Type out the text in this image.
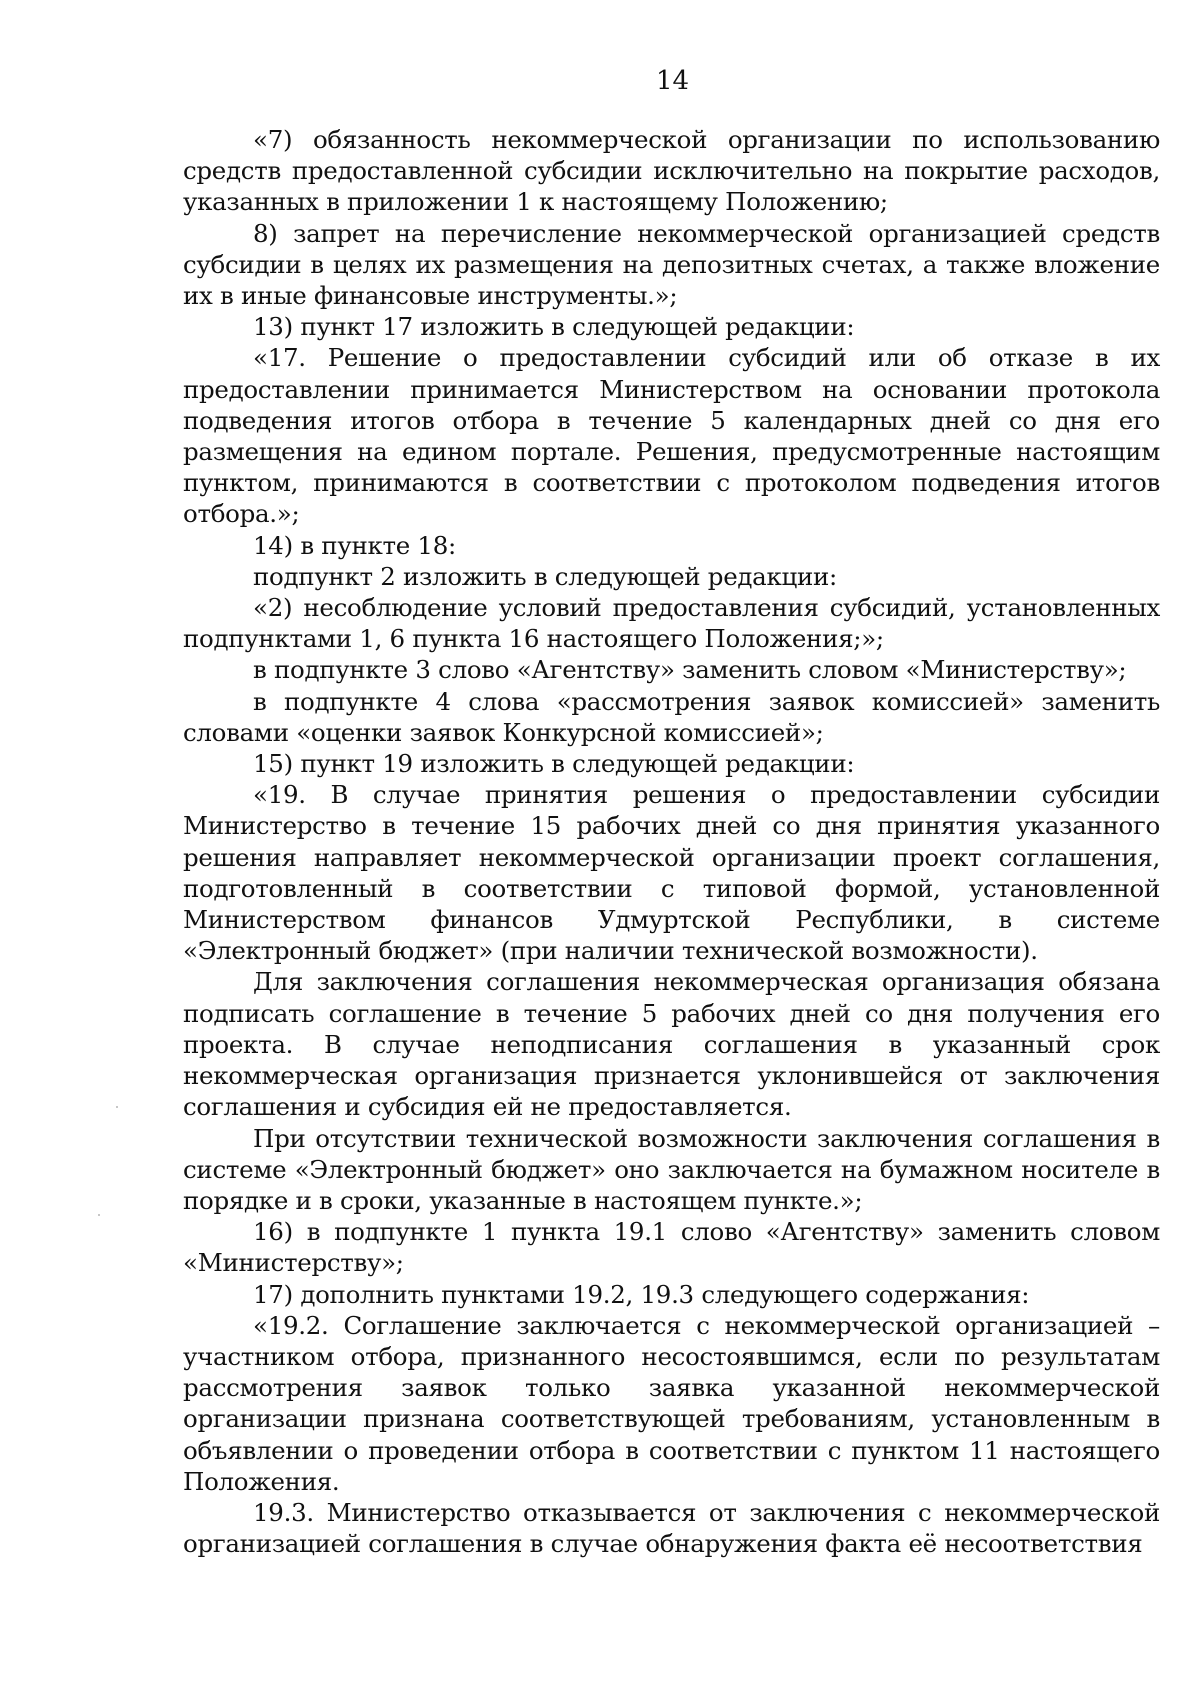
14

«7) обязанность некоммерческой организации по использованию средств предоставленной субсидии исключительно на покрытие расходов, указанных в приложении 1 к настоящему Положению;

8) запрет на перечисление некоммерческой организацией средств субсидии в целях их размещения на депозитных счетах, а также вложение их в иные финансовые инструменты.»;

13) пункт 17 изложить в следующей редакции:

«17. Решение о предоставлении субсидий или об отказе в их предоставлении принимается Министерством на основании протокола подведения итогов отбора в течение 5 календарных дней со дня его размещения на едином портале. Решения, предусмотренные настоящим пунктом, принимаются в соответствии с протоколом подведения итогов отбора.»;

14) в пункте 18:

подпункт 2 изложить в следующей редакции:

«2) несоблюдение условий предоставления субсидий, установленных подпунктами 1, 6 пункта 16 настоящего Положения;»;

в подпункте 3 слово «Агентству» заменить словом «Министерству»;

в подпункте 4 слова «рассмотрения заявок комиссией» заменить словами «оценки заявок Конкурсной комиссией»;

15) пункт 19 изложить в следующей редакции:

«19. В случае принятия решения о предоставлении субсидии Министерство в течение 15 рабочих дней со дня принятия указанного решения направляет некоммерческой организации проект соглашения, подготовленный в соответствии с типовой формой, установленной Министерством финансов Удмуртской Республики, в системе «Электронный бюджет» (при наличии технической возможности).

Для заключения соглашения некоммерческая организация обязана подписать соглашение в течение 5 рабочих дней со дня получения его проекта. В случае неподписания соглашения в указанный срок некоммерческая организация признается уклонившейся от заключения соглашения и субсидия ей не предоставляется.

При отсутствии технической возможности заключения соглашения в системе «Электронный бюджет» оно заключается на бумажном носителе в порядке и в сроки, указанные в настоящем пункте.»;

16) в подпункте 1 пункта 19.1 слово «Агентству» заменить словом «Министерству»;

17) дополнить пунктами 19.2, 19.3 следующего содержания:

«19.2. Соглашение заключается с некоммерческой организацией – участником отбора, признанного несостоявшимся, если по результатам рассмотрения заявок только заявка указанной некоммерческой организации признана соответствующей требованиям, установленным в объявлении о проведении отбора в соответствии с пунктом 11 настоящего Положения.

19.3. Министерство отказывается от заключения с некоммерческой организацией соглашения в случае обнаружения факта её несоответствия
